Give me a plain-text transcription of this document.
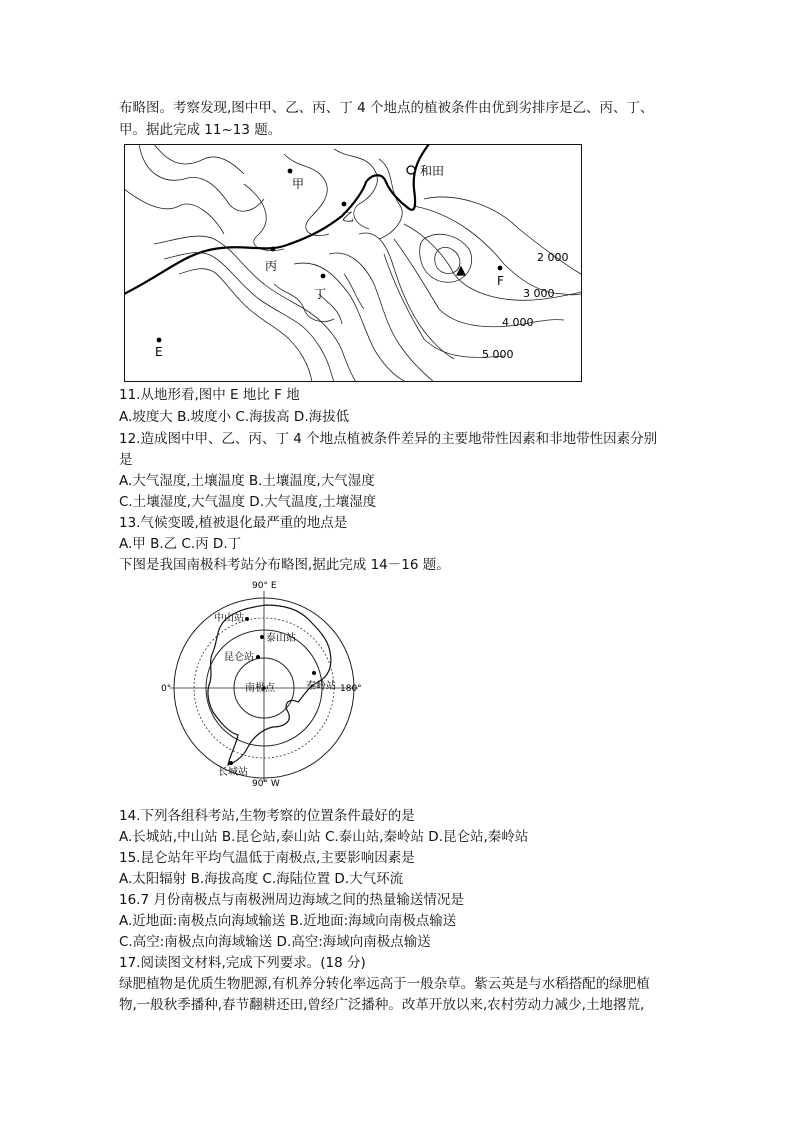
布略图。考察发现,图中甲、乙、丙、丁 4 个地点的植被条件由优到劣排序是乙、丙、丁、
甲。据此完成 11~13 题。
甲
乙
丙
丁
和田
F
E
2 000
3 000
4 000
5 000
▲
11.从地形看,图中 E 地比 F 地
A.坡度大 B.坡度小 C.海拔高 D.海拔低
12.造成图中甲、乙、丙、丁 4 个地点植被条件差异的主要地带性因素和非地带性因素分别
是
A.大气湿度,土壤温度 B.土壤温度,大气湿度
C.土壤湿度,大气温度 D.大气温度,土壤湿度
13.气候变暖,植被退化最严重的地点是
A.甲 B.乙 C.丙 D.丁
下图是我国南极科考站分布略图,据此完成 14－16 题。
90° E
90° W
0°	180°
中山站
泰山站
昆仑站
南极点	秦岭站
长城站
14.下列各组科考站,生物考察的位置条件最好的是
A.长城站,中山站 B.昆仑站,泰山站 C.泰山站,秦岭站 D.昆仑站,秦岭站
15.昆仑站年平均气温低于南极点,主要影响因素是
A.太阳辐射 B.海拔高度 C.海陆位置 D.大气环流
16.7 月份南极点与南极洲周边海域之间的热量输送情况是
A.近地面:南极点向海域输送 B.近地面:海域向南极点输送
C.高空:南极点向海域输送 D.高空:海域向南极点输送
17.阅读图文材料,完成下列要求。(18 分)
绿肥植物是优质生物肥源,有机养分转化率远高于一般杂草。紫云英是与水稻搭配的绿肥植
物,一般秋季播种,春节翻耕还田,曾经广泛播种。改革开放以来,农村劳动力减少,土地撂荒,
